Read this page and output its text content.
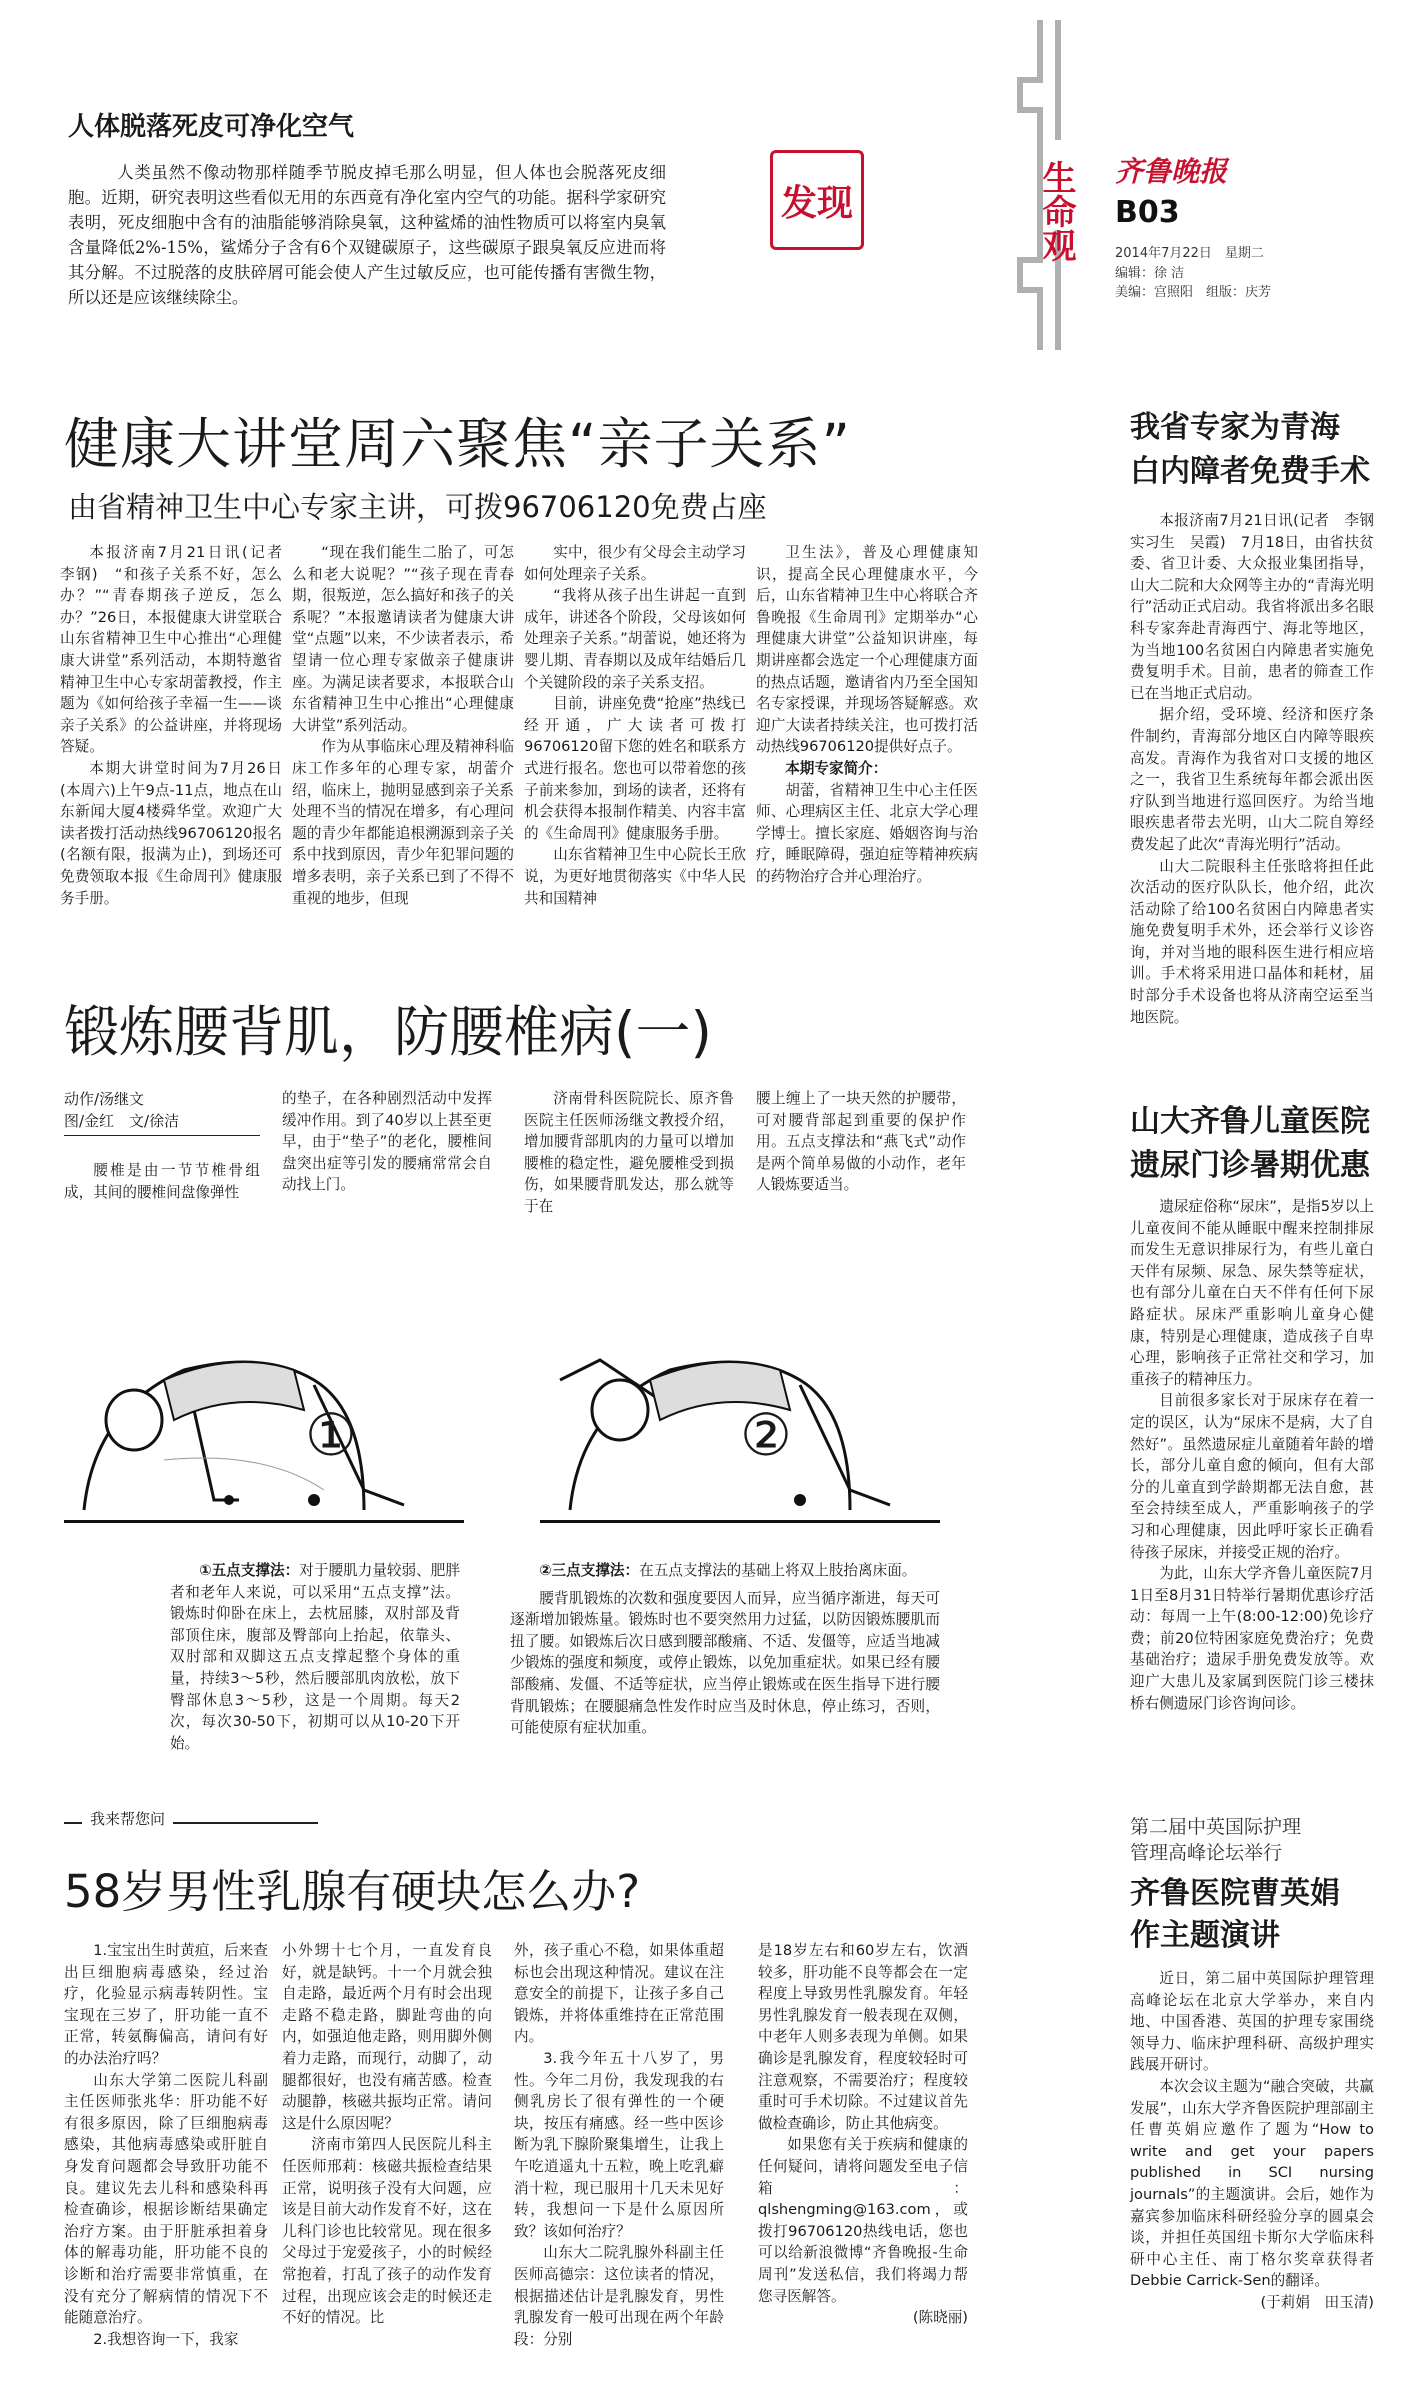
生命观 齐鲁晚报
B03
2014年7月22日　星期二
编辑：徐 洁
美编：宫照阳　组版：庆芳
人体脱落死皮可净化空气
人类虽然不像动物那样随季节脱皮掉毛那么明显，但人体也会脱落死皮细胞。近期，研究表明这些看似无用的东西竟有净化室内空气的功能。据科学家研究表明，死皮细胞中含有的油脂能够消除臭氧，这种鲨烯的油性物质可以将室内臭氧含量降低2%-15%，鲨烯分子含有6个双键碳原子，这些碳原子跟臭氧反应进而将其分解。不过脱落的皮肤碎屑可能会使人产生过敏反应，也可能传播有害微生物，所以还是应该继续除尘。
发现
健康大讲堂周六聚焦“亲子关系”
由省精神卫生中心专家主讲，可拨96706120免费占座

本报济南7月21日讯(记者　李钢)　“和孩子关系不好，怎么办？”“青春期孩子逆反，怎么办？”26日，本报健康大讲堂联合山东省精神卫生中心推出“心理健康大讲堂”系列活动，本期特邀省精神卫生中心专家胡蕾教授，作主题为《如何给孩子幸福一生——谈亲子关系》的公益讲座，并将现场答疑。

本期大讲堂时间为7月26日(本周六)上午9点-11点，地点在山东新闻大厦4楼舜华堂。欢迎广大读者拨打活动热线96706120报名(名额有限，报满为止)，到场还可免费领取本报《生命周刊》健康服务手册。

“现在我们能生二胎了，可怎么和老大说呢？”“孩子现在青春期，很叛逆，怎么搞好和孩子的关系呢？”本报邀请读者为健康大讲堂“点题”以来，不少读者表示，希望请一位心理专家做亲子健康讲座。为满足读者要求，本报联合山东省精神卫生中心推出“心理健康大讲堂”系列活动。

作为从事临床心理及精神科临床工作多年的心理专家，胡蕾介绍，临床上，抛明显感到亲子关系处理不当的情况在增多，有心理问题的青少年都能追根溯源到亲子关系中找到原因，青少年犯罪问题的增多表明，亲子关系已到了不得不重视的地步，但现

实中，很少有父母会主动学习如何处理亲子关系。

“我将从孩子出生讲起一直到成年，讲述各个阶段，父母该如何处理亲子关系。”胡蕾说，她还将为婴儿期、青春期以及成年结婚后几个关键阶段的亲子关系支招。

目前，讲座免费“抢座”热线已经开通，广大读者可拨打96706120留下您的姓名和联系方式进行报名。您也可以带着您的孩子前来参加，到场的读者，还将有机会获得本报制作精美、内容丰富的《生命周刊》健康服务手册。

山东省精神卫生中心院长王欣说，为更好地贯彻落实《中华人民共和国精神

卫生法》，普及心理健康知识，提高全民心理健康水平，今后，山东省精神卫生中心将联合齐鲁晚报《生命周刊》定期举办“心理健康大讲堂”公益知识讲座，每期讲座都会选定一个心理健康方面的热点话题，邀请省内乃至全国知名专家授课，并现场答疑解惑。欢迎广大读者持续关注，也可拨打活动热线96706120提供好点子。

本期专家简介：

胡蕾，省精神卫生中心主任医师、心理病区主任、北京大学心理学博士。擅长家庭、婚姻咨询与治疗，睡眠障碍，强迫症等精神疾病的药物治疗合并心理治疗。

锻炼腰背肌，防腰椎病(一)
动作/汤继文
图/金红　文/徐洁

腰椎是由一节节椎骨组成，其间的腰椎间盘像弹性

的垫子，在各种剧烈活动中发挥缓冲作用。到了40岁以上甚至更早，由于“垫子”的老化，腰椎间盘突出症等引发的腰痛常常会自动找上门。

济南骨科医院院长、原齐鲁医院主任医师汤继文教授介绍，增加腰背部肌肉的力量可以增加腰椎的稳定性，避免腰椎受到损伤，如果腰背肌发达，那么就等于在

腰上缠上了一块天然的护腰带，可对腰背部起到重要的保护作用。五点支撑法和“燕飞式”动作是两个简单易做的小动作，老年人锻炼要适当。

①	②

①五点支撑法：对于腰肌力量较弱、肥胖者和老年人来说，可以采用“五点支撑”法。锻炼时仰卧在床上，去枕屈膝，双肘部及背部顶住床，腹部及臀部向上抬起，依靠头、双肘部和双脚这五点支撑起整个身体的重量，持续3～5秒，然后腰部肌肉放松，放下臀部休息3～5秒，这是一个周期。每天2次，每次30-50下，初期可以从10-20下开始。

②三点支撑法：在五点支撑法的基础上将双上肢抬离床面。

腰背肌锻炼的次数和强度要因人而异，应当循序渐进，每天可逐渐增加锻炼量。锻炼时也不要突然用力过猛，以防因锻炼腰肌而扭了腰。如锻炼后次日感到腰部酸痛、不适、发僵等，应适当地减少锻炼的强度和频度，或停止锻炼，以免加重症状。如果已经有腰部酸痛、发僵、不适等症状，应当停止锻炼或在医生指导下进行腰背肌锻炼；在腰腿痛急性发作时应当及时休息，停止练习，否则，可能使原有症状加重。

我来帮您问
58岁男性乳腺有硬块怎么办?

1.宝宝出生时黄疸，后来查出巨细胞病毒感染，经过治疗，化验显示病毒转阴性。宝宝现在三岁了，肝功能一直不正常，转氨酶偏高，请问有好的办法治疗吗？

山东大学第二医院儿科副主任医师张兆华：肝功能不好有很多原因，除了巨细胞病毒感染，其他病毒感染或肝脏自身发育问题都会导致肝功能不良。建议先去儿科和感染科再检查确诊，根据诊断结果确定治疗方案。由于肝脏承担着身体的解毒功能，肝功能不良的诊断和治疗需要非常慎重，在没有充分了解病情的情况下不能随意治疗。

2.我想咨询一下，我家

小外甥十七个月，一直发育良好，就是缺钙。十一个月就会独自走路，最近两个月有时会出现走路不稳走路，脚趾弯曲的向内，如强迫他走路，则用脚外侧着力走路，而现行，动脚了，动腿都很好，也没有痛苦感。检查动腿静，核磁共振均正常。请问这是什么原因呢？

济南市第四人民医院儿科主任医师邢莉：核磁共振检查结果正常，说明孩子没有大问题，应该是目前大动作发育不好，这在儿科门诊也比较常见。现在很多父母过于宠爱孩子，小的时候经常抱着，打乱了孩子的动作发育过程，出现应该会走的时候还走不好的情况。比

外，孩子重心不稳，如果体重超标也会出现这种情况。建议在注意安全的前提下，让孩子多自己锻炼，并将体重维持在正常范围内。

3.我今年五十八岁了，男性。今年二月份，我发现我的右侧乳房长了很有弹性的一个硬块，按压有痛感。经一些中医诊断为乳下腺阶聚集增生，让我上午吃逍遥丸十五粒，晚上吃乳癖消十粒，现已服用十几天未见好转，我想问一下是什么原因所致？该如何治疗？

山东大二院乳腺外科副主任医师高德宗：这位读者的情况，根据描述估计是乳腺发育，男性乳腺发育一般可出现在两个年龄段：分别

是18岁左右和60岁左右，饮酒较多，肝功能不良等都会在一定程度上导致男性乳腺发育。年轻男性乳腺发育一般表现在双侧，中老年人则多表现为单侧。如果确诊是乳腺发育，程度较轻时可注意观察，不需要治疗；程度较重时可手术切除。不过建议首先做检查确诊，防止其他病变。

如果您有关于疾病和健康的任何疑问，请将问题发至电子信箱：qlshengming@163.com，或拨打96706120热线电话，您也可以给新浪微博“齐鲁晚报-生命周刊”发送私信，我们将竭力帮您寻医解答。

(陈晓丽)

我省专家为青海
白内障者免费手术

本报济南7月21日讯(记者　李钢　实习生　吴霞)　7月18日，由省扶贫委、省卫计委、大众报业集团指导，山大二院和大众网等主办的“青海光明行”活动正式启动。我省将派出多名眼科专家奔赴青海西宁、海北等地区，为当地100名贫困白内障患者实施免费复明手术。目前，患者的筛查工作已在当地正式启动。

据介绍，受环境、经济和医疗条件制约，青海部分地区白内障等眼疾高发。青海作为我省对口支援的地区之一，我省卫生系统每年都会派出医疗队到当地进行巡回医疗。为给当地眼疾患者带去光明，山大二院自筹经费发起了此次“青海光明行”活动。

山大二院眼科主任张晗将担任此次活动的医疗队队长，他介绍，此次活动除了给100名贫困白内障患者实施免费复明手术外，还会举行义诊咨询，并对当地的眼科医生进行相应培训。手术将采用进口晶体和耗材，届时部分手术设备也将从济南空运至当地医院。

山大齐鲁儿童医院
遗尿门诊暑期优惠

遗尿症俗称“尿床”，是指5岁以上儿童夜间不能从睡眠中醒来控制排尿而发生无意识排尿行为，有些儿童白天伴有尿频、尿急、尿失禁等症状，也有部分儿童在白天不伴有任何下尿路症状。尿床严重影响儿童身心健康，特别是心理健康，造成孩子自卑心理，影响孩子正常社交和学习，加重孩子的精神压力。

目前很多家长对于尿床存在着一定的误区，认为“尿床不是病，大了自然好”。虽然遗尿症儿童随着年龄的增长，部分儿童自愈的倾向，但有大部分的儿童直到学龄期都无法自愈，甚至会持续至成人，严重影响孩子的学习和心理健康，因此呼吁家长正确看待孩子尿床，并接受正规的治疗。

为此，山东大学齐鲁儿童医院7月1日至8月31日特举行暑期优惠诊疗活动：每周一上午(8:00-12:00)免诊疗费；前20位特困家庭免费治疗；免费基础治疗；遗尿手册免费发放等。欢迎广大患儿及家属到医院门诊三楼抹桥右侧遗尿门诊咨询问诊。

第二届中英国际护理
管理高峰论坛举行
齐鲁医院曹英娟
作主题演讲

近日，第二届中英国际护理管理高峰论坛在北京大学举办，来自内地、中国香港、英国的护理专家围绕领导力、临床护理科研、高级护理实践展开研讨。

本次会议主题为“融合突破，共赢发展”，山东大学齐鲁医院护理部副主任曹英娟应邀作了题为“How to write and get your papers published in SCI nursing journals”的主题演讲。会后，她作为嘉宾参加临床科研经验分享的圆桌会谈，并担任英国纽卡斯尔大学临床科研中心主任、南丁格尔奖章获得者Debbie Carrick-Sen的翻译。

(于莉娟　田玉清)
